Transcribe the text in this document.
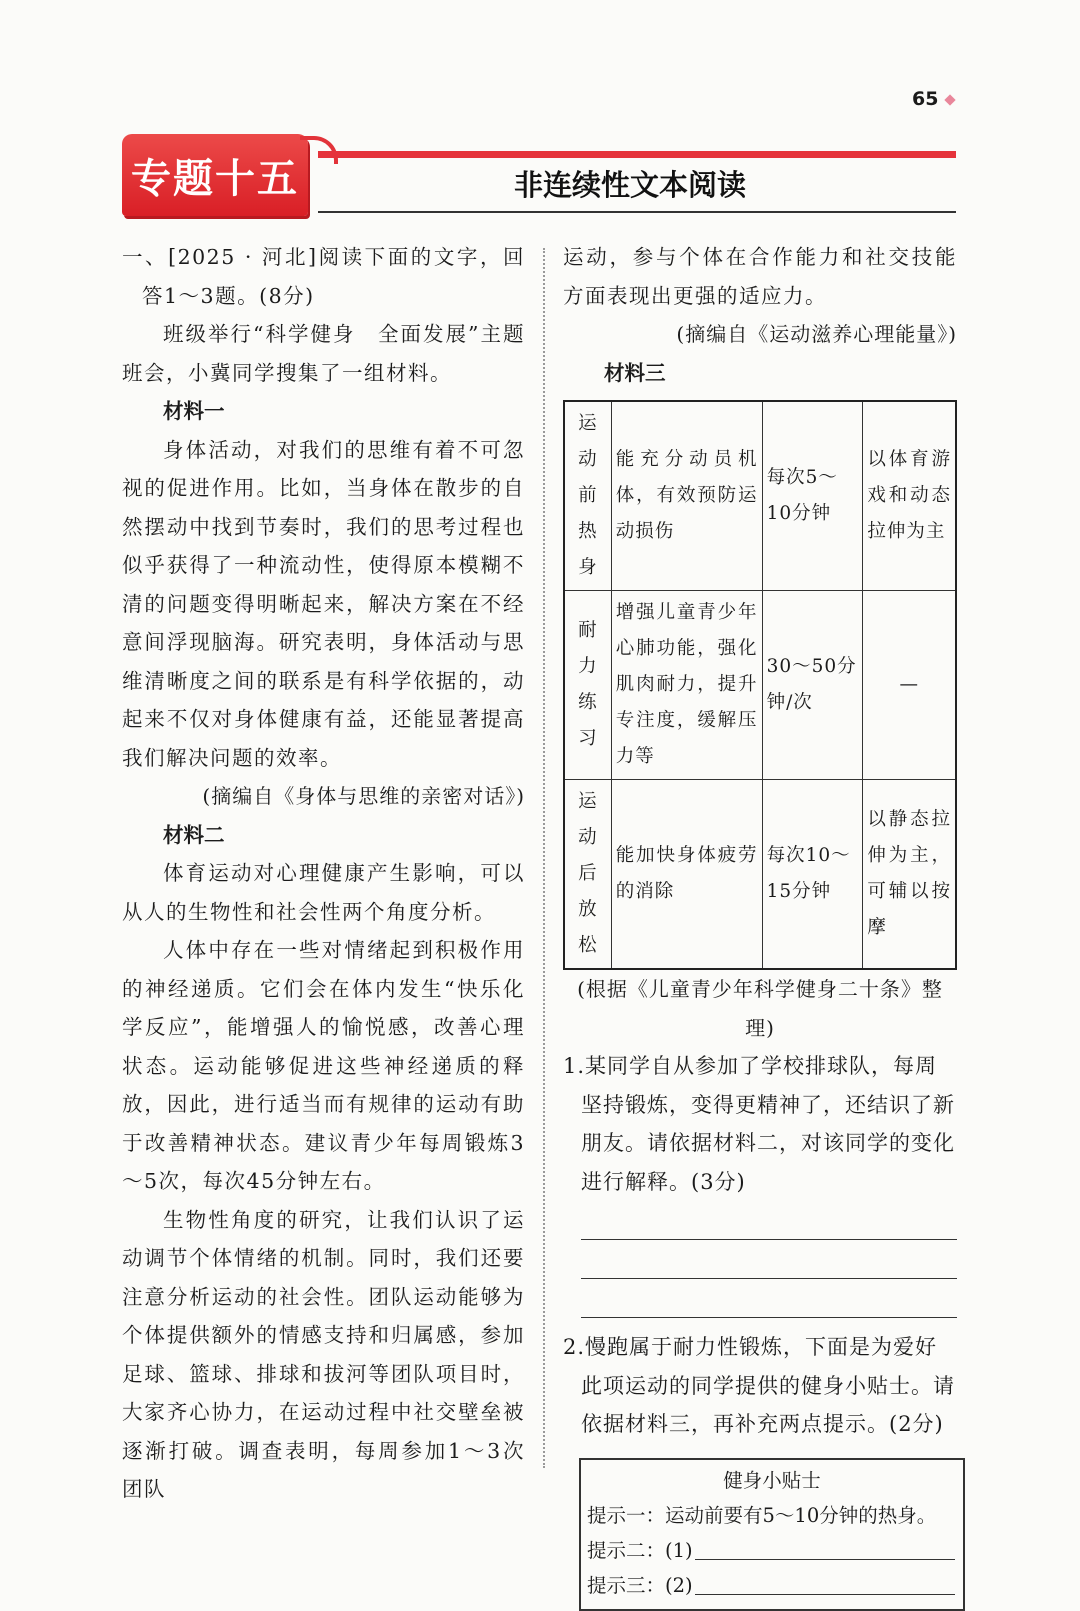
65
专题十五	非连续性文本阅读

一、[2025 · 河北]阅读下面的文字，回答1～3题。(8分)

班级举行“科学健身　全面发展”主题班会，小冀同学搜集了一组材料。

材料一

身体活动，对我们的思维有着不可忽视的促进作用。比如，当身体在散步的自然摆动中找到节奏时，我们的思考过程也似乎获得了一种流动性，使得原本模糊不清的问题变得明晰起来，解决方案在不经意间浮现脑海。研究表明，身体活动与思维清晰度之间的联系是有科学依据的，动起来不仅对身体健康有益，还能显著提高我们解决问题的效率。

(摘编自《身体与思维的亲密对话》)

材料二

体育运动对心理健康产生影响，可以从人的生物性和社会性两个角度分析。

人体中存在一些对情绪起到积极作用的神经递质。它们会在体内发生“快乐化学反应”，能增强人的愉悦感，改善心理状态。运动能够促进这些神经递质的释放，因此，进行适当而有规律的运动有助于改善精神状态。建议青少年每周锻炼3～5次，每次45分钟左右。

生物性角度的研究，让我们认识了运动调节个体情绪的机制。同时，我们还要注意分析运动的社会性。团队运动能够为个体提供额外的情感支持和归属感，参加足球、篮球、排球和拔河等团队项目时，大家齐心协力，在运动过程中社交壁垒被逐渐打破。调查表明，每周参加1～3次团队

运动，参与个体在合作能力和社交技能方面表现出更强的适应力。

(摘编自《运动滋养心理能量》)

材料三

运动前热身	能充分动员机体，有效预防运动损伤	每次5～10分钟	以体育游戏和动态拉伸为主
耐力练习	增强儿童青少年心肺功能，强化肌肉耐力，提升专注度，缓解压力等	30～50分钟/次	—
运动后放松	能加快身体疲劳的消除	每次10～15分钟	以静态拉伸为主，可辅以按摩

(根据《儿童青少年科学健身二十条》整理)

1.某同学自从参加了学校排球队，每周坚持锻炼，变得更精神了，还结识了新朋友。请依据材料二，对该同学的变化进行解释。(3分)

2.慢跑属于耐力性锻炼，下面是为爱好此项运动的同学提供的健身小贴士。请依据材料三，再补充两点提示。(2分)

健身小贴士

提示一：运动前要有5～10分钟的热身。

提示二：(1)

提示三：(2)
